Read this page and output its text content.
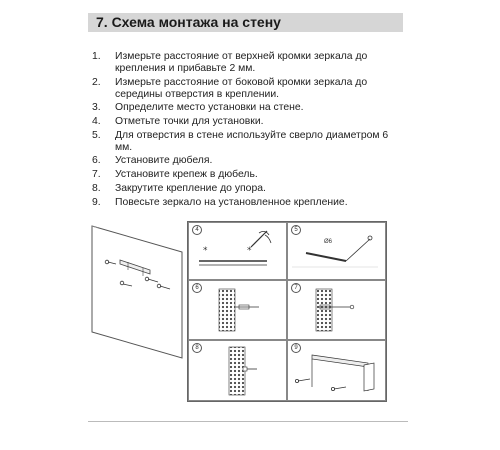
7. Схема монтажа на стену
1. Измерьте расстояние от верхней кромки зеркала до крепления и прибавьте 2 мм.
2. Измерьте расстояние от боковой кромки зеркала до середины отверстия в креплении.
3. Определите место установки на стене.
4. Отметьте точки для установки.
5. Для отверстия в стене используйте сверло диаметром 6 мм.
6. Установите дюбеля.
7. Установите крепеж в дюбель.
8. Закрутите крепление до упора.
9. Повесьте зеркало на установленное крепление.
4
*	*
5
Ø6
6	7
8	9
